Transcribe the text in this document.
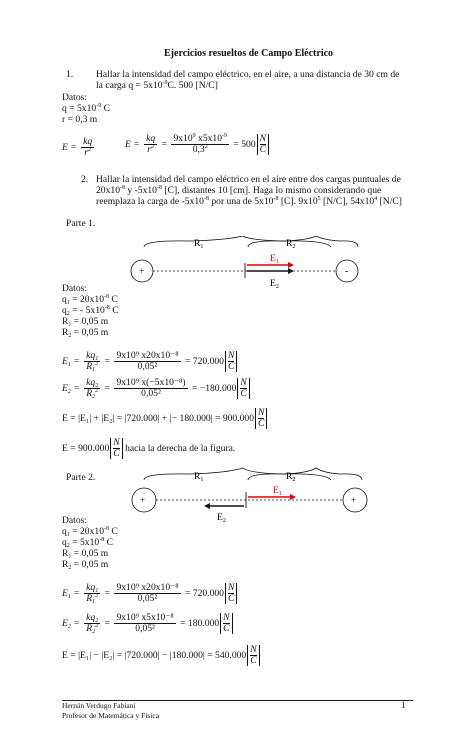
Ejercicios resueltos de Campo Eléctrico
1. Hallar la intensidad del campo eléctrico, en el aire, a una distancia de 30 cm de
la carga $q = 5x10^{-9}C$. 500 [N/C]
Datos:
$q = 5x10^{-9}$ C
r = 0,3 m
$E = \frac{kq}{r^2}$	$E = \frac{kq}{r^2} = \frac{9x10^9 x5x10^{-9}}{0,3^2} = 500 \frac{N}{C}$
2. Hallar la intensidad del campo eléctrico en el aire entre dos cargas puntuales de
$20x10^{-8}$ y $-5x10^{-8}$ [C], distantes 10 [cm]. Haga lo mismo considerando que
reemplaza la carga de $-5x10^{-8}$ por una de $5x10^{-8}$ [C]. $9x10^5$ [N/C], $54x10^4$ [N/C]
Parte 1.
$R_1$	$R_2$
+	-
$E_1$
$E_2$
Datos:
$q_1 = 20x10^{-8}$ C
$q_2$ = - $5x10^{-8}$ C
$R_1 = 0,05$ m
$R_2 = 0,05$ m
$E_1 = \frac{kq_1}{R_1^2} = \frac{\text{9x10⁹ x20x10⁻⁸}}{\text{0,05²}} = 720.000 \frac{N}{C}$
$E_2 = \frac{kq_2}{R_2^2} = \frac{\text{9x10⁹ x(−5x10⁻⁸)}}{\text{0,05²}} = -180.000 \frac{N}{C}$
E = |E₁| + |E₂| = |720.000| + |− $180.000| = 900.000 \frac{N}{C}$
$E = 900.000 \frac{N}{C}$ hacia la derecha de la figura.
Parte 2.	$R_1$	$R_2$
+	+
$E_1$
$E_2$
Datos:
$q_1 = 20x10^{-8}$ C
$q_2 = 5x10^{-8}$ C
$R_1 = 0,05$ m
$R_2 = 0,05$ m
$E_1 = \frac{kq_1}{R_1^2} = \frac{\text{9x10⁹ x20x10⁻⁸}}{\text{0,05²}} = 720.000 \frac{N}{C}$
$E_2 = \frac{kq_2}{R_2^2} = \frac{\text{9x10⁹ x5x10⁻⁸}}{\text{0,05²}} = 180.000 \frac{N}{C}$
$E = |E_1| - |E_2| = |720.000| - |180.000| = 540.000 \frac{N}{C}$
1
Hernán Verdugo Fabiani
Profesor de Matemática y Física
